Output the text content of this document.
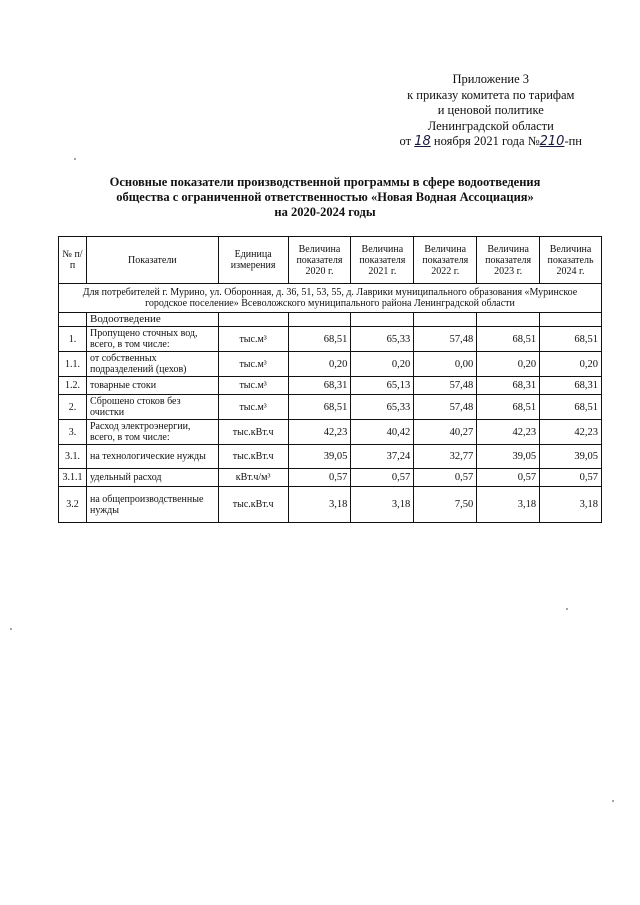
Приложение 3
к приказу комитета по тарифам
и ценовой политике
Ленинградской области
от 18 ноября 2021 года №210-пн
Основные показатели производственной программы в сфере водоотведения
общества с ограниченной ответственностью «Новая Водная Ассоциация»
на 2020-2024 годы
№ п/п	Показатели	Единица измерения	Величина показателя 2020 г.	Величина показателя 2021 г.	Величина показателя 2022 г.	Величина показателя 2023 г.	Величина показатель 2024 г.
Для потребителей г. Мурино, ул. Оборонная, д. 36, 51, 53, 55, д. Лаврики муниципального образования «Муринское городское поселение» Всеволожского муниципального района Ленинградской области							
	Водоотведение						
1.	Пропущено сточных вод, всего, в том числе:	тыс.м³	68,51	65,33	57,48	68,51	68,51
1.1.	от собственных подразделений (цехов)	тыс.м³	0,20	0,20	0,00	0,20	0,20
1.2.	товарные стоки	тыс.м³	68,31	65,13	57,48	68,31	68,31
2.	Сброшено стоков без очистки	тыс.м³	68,51	65,33	57,48	68,51	68,51
3.	Расход электроэнергии, всего, в том числе:	тыс.кВт.ч	42,23	40,42	40,27	42,23	42,23
3.1.	на технологические нужды	тыс.кВт.ч	39,05	37,24	32,77	39,05	39,05
3.1.1	удельный расход	кВт.ч/м³	0,57	0,57	0,57	0,57	0,57
3.2	на общепроизводственные нужды	тыс.кВт.ч	3,18	3,18	7,50	3,18	3,18
